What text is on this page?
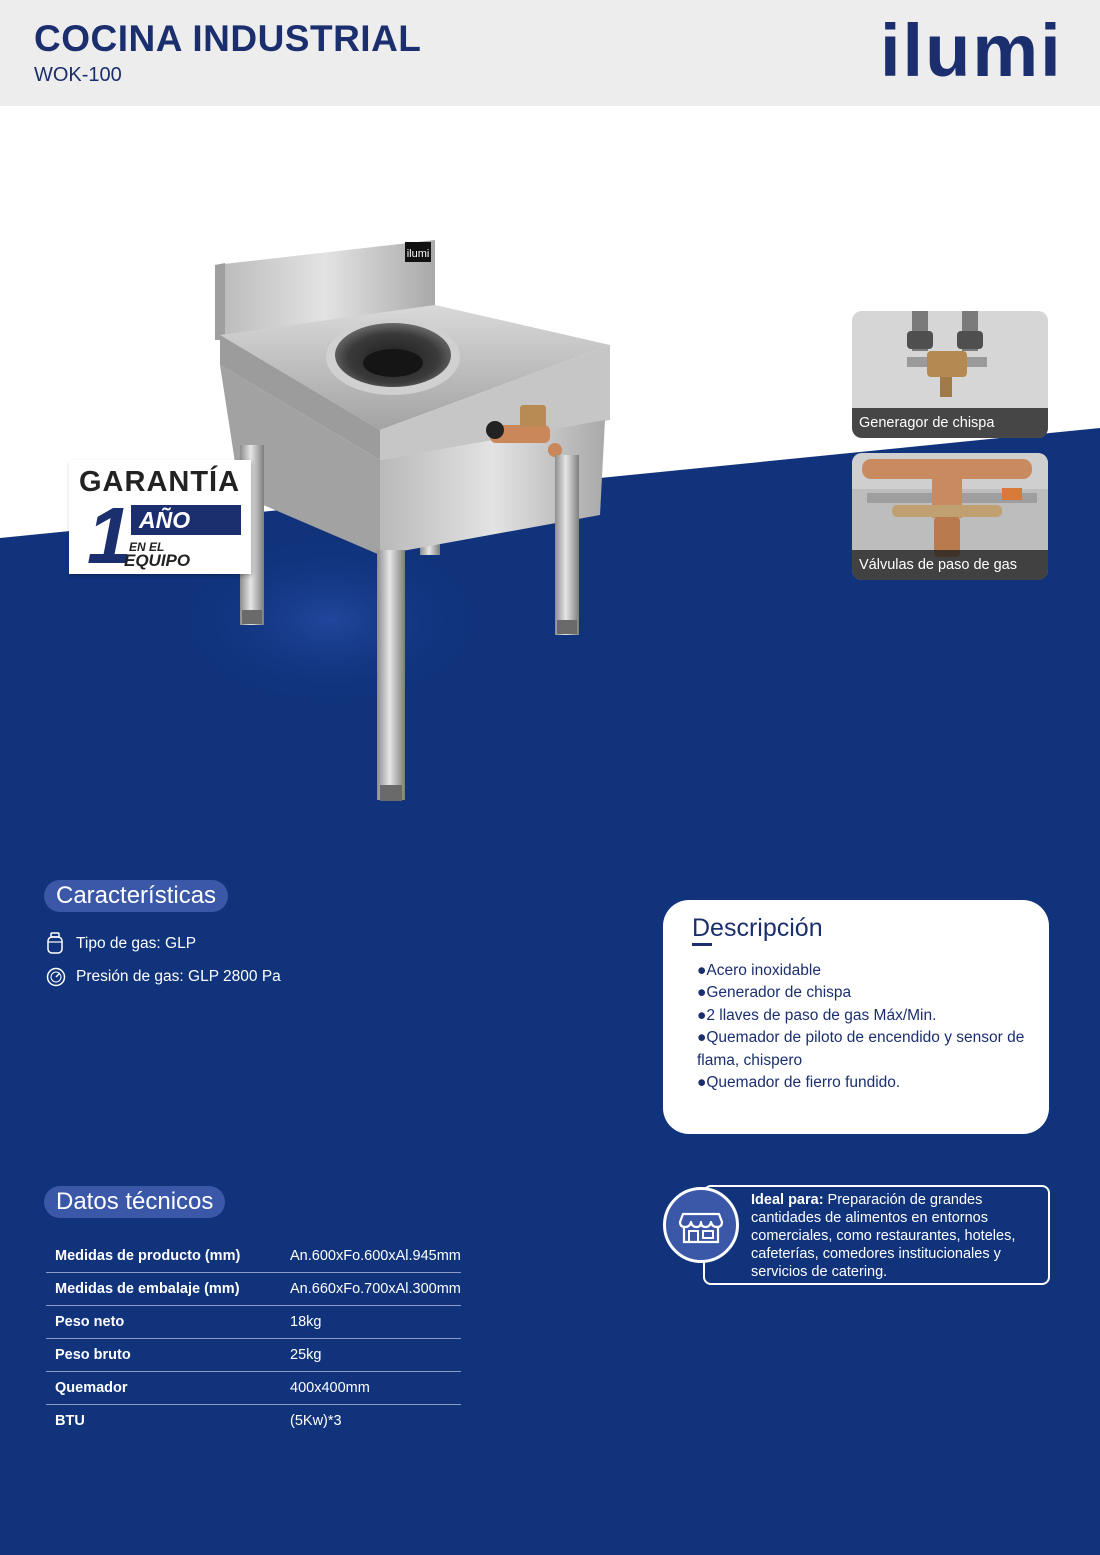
COCINA INDUSTRIAL
WOK-100	ilumi
ilumi
GARANTÍA
AÑO
1
EN EL
EQUIPO
Generagor de chispa
Válvulas de paso de gas
Características
Tipo de gas: GLP
Presión de gas: GLP 2800 Pa
Descripción
●Acero inoxidable
●Generador de chispa
●2 llaves de paso de gas Máx/Min.
●Quemador de piloto de encendido y sensor de flama, chispero
●Quemador de fierro fundido.
Datos técnicos
Medidas de producto (mm)	An.600xFo.600xAl.945mm
Medidas de embalaje (mm)	An.660xFo.700xAl.300mm
Peso neto	18kg
Peso bruto	25kg
Quemador	400x400mm
BTU	(5Kw)*3
Ideal para: Preparación de grandes cantidades de alimentos en entornos comerciales, como restaurantes, hoteles, cafeterías, comedores institucionales y servicios de catering.
